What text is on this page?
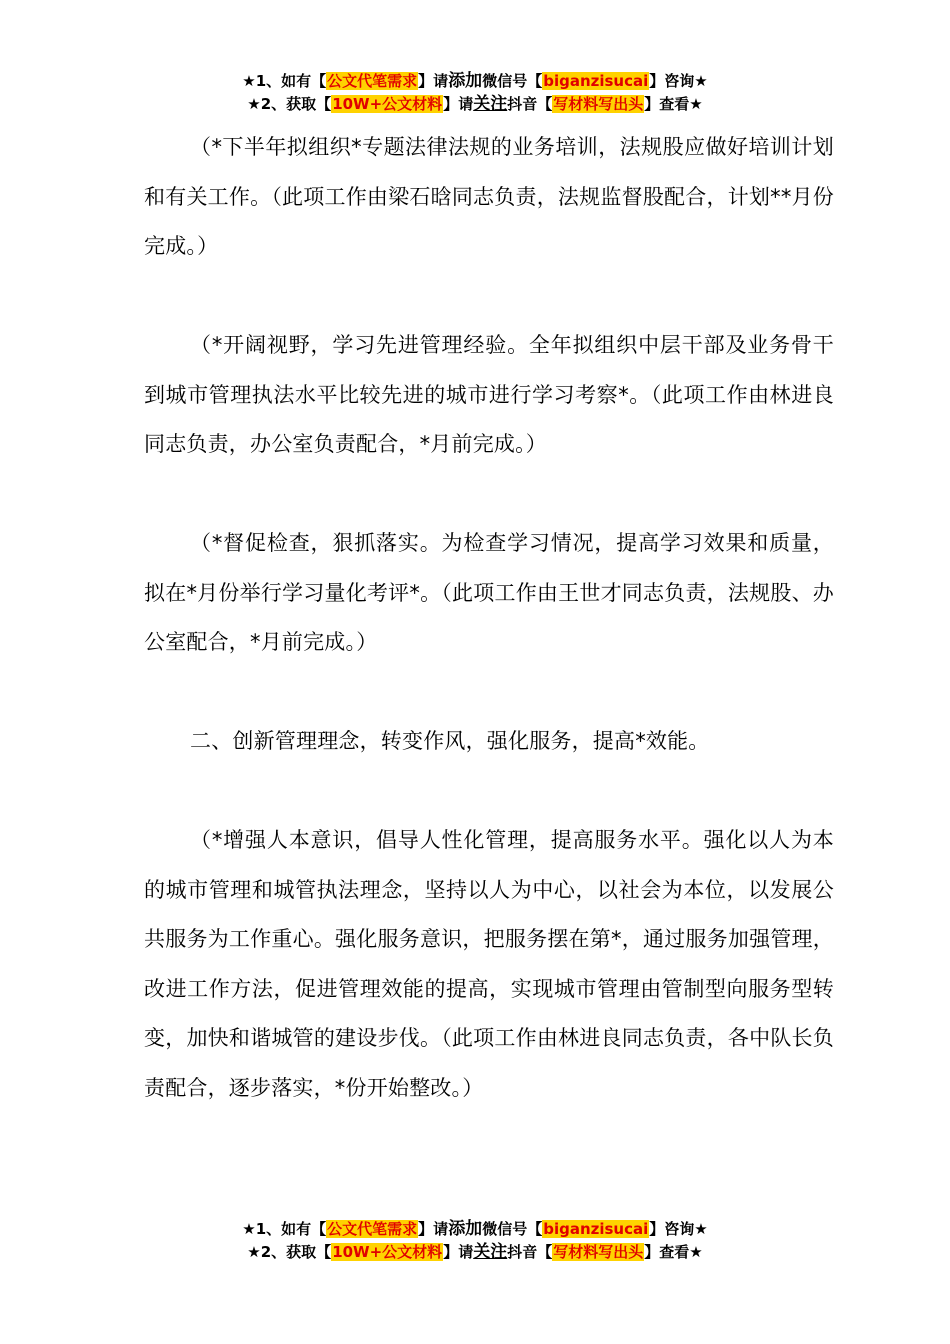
★1、如有【公文代笔需求】请添加微信号【biganzisucai】咨询★
★2、获取【10W+公文材料】请关注抖音【写材料写出头】查看★

（*下半年拟组织*专题法律法规的业务培训，法规股应做好培训计划和有关工作。（此项工作由梁石晗同志负责，法规监督股配合，计划**月份完成。）

（*开阔视野，学习先进管理经验。全年拟组织中层干部及业务骨干到城市管理执法水平比较先进的城市进行学习考察*。（此项工作由林进良同志负责，办公室负责配合，*月前完成。）

（*督促检查，狠抓落实。为检查学习情况，提高学习效果和质量，拟在*月份举行学习量化考评*。（此项工作由王世才同志负责，法规股、办公室配合，*月前完成。）

二、创新管理理念，转变作风，强化服务，提高*效能。

（*增强人本意识，倡导人性化管理，提高服务水平。强化以人为本的城市管理和城管执法理念，坚持以人为中心，以社会为本位，以发展公共服务为工作重心。强化服务意识，把服务摆在第*，通过服务加强管理，改进工作方法，促进管理效能的提高，实现城市管理由管制型向服务型转变，加快和谐城管的建设步伐。（此项工作由林进良同志负责，各中队长负责配合，逐步落实，*份开始整改。）

★1、如有【公文代笔需求】请添加微信号【biganzisucai】咨询★
★2、获取【10W+公文材料】请关注抖音【写材料写出头】查看★
